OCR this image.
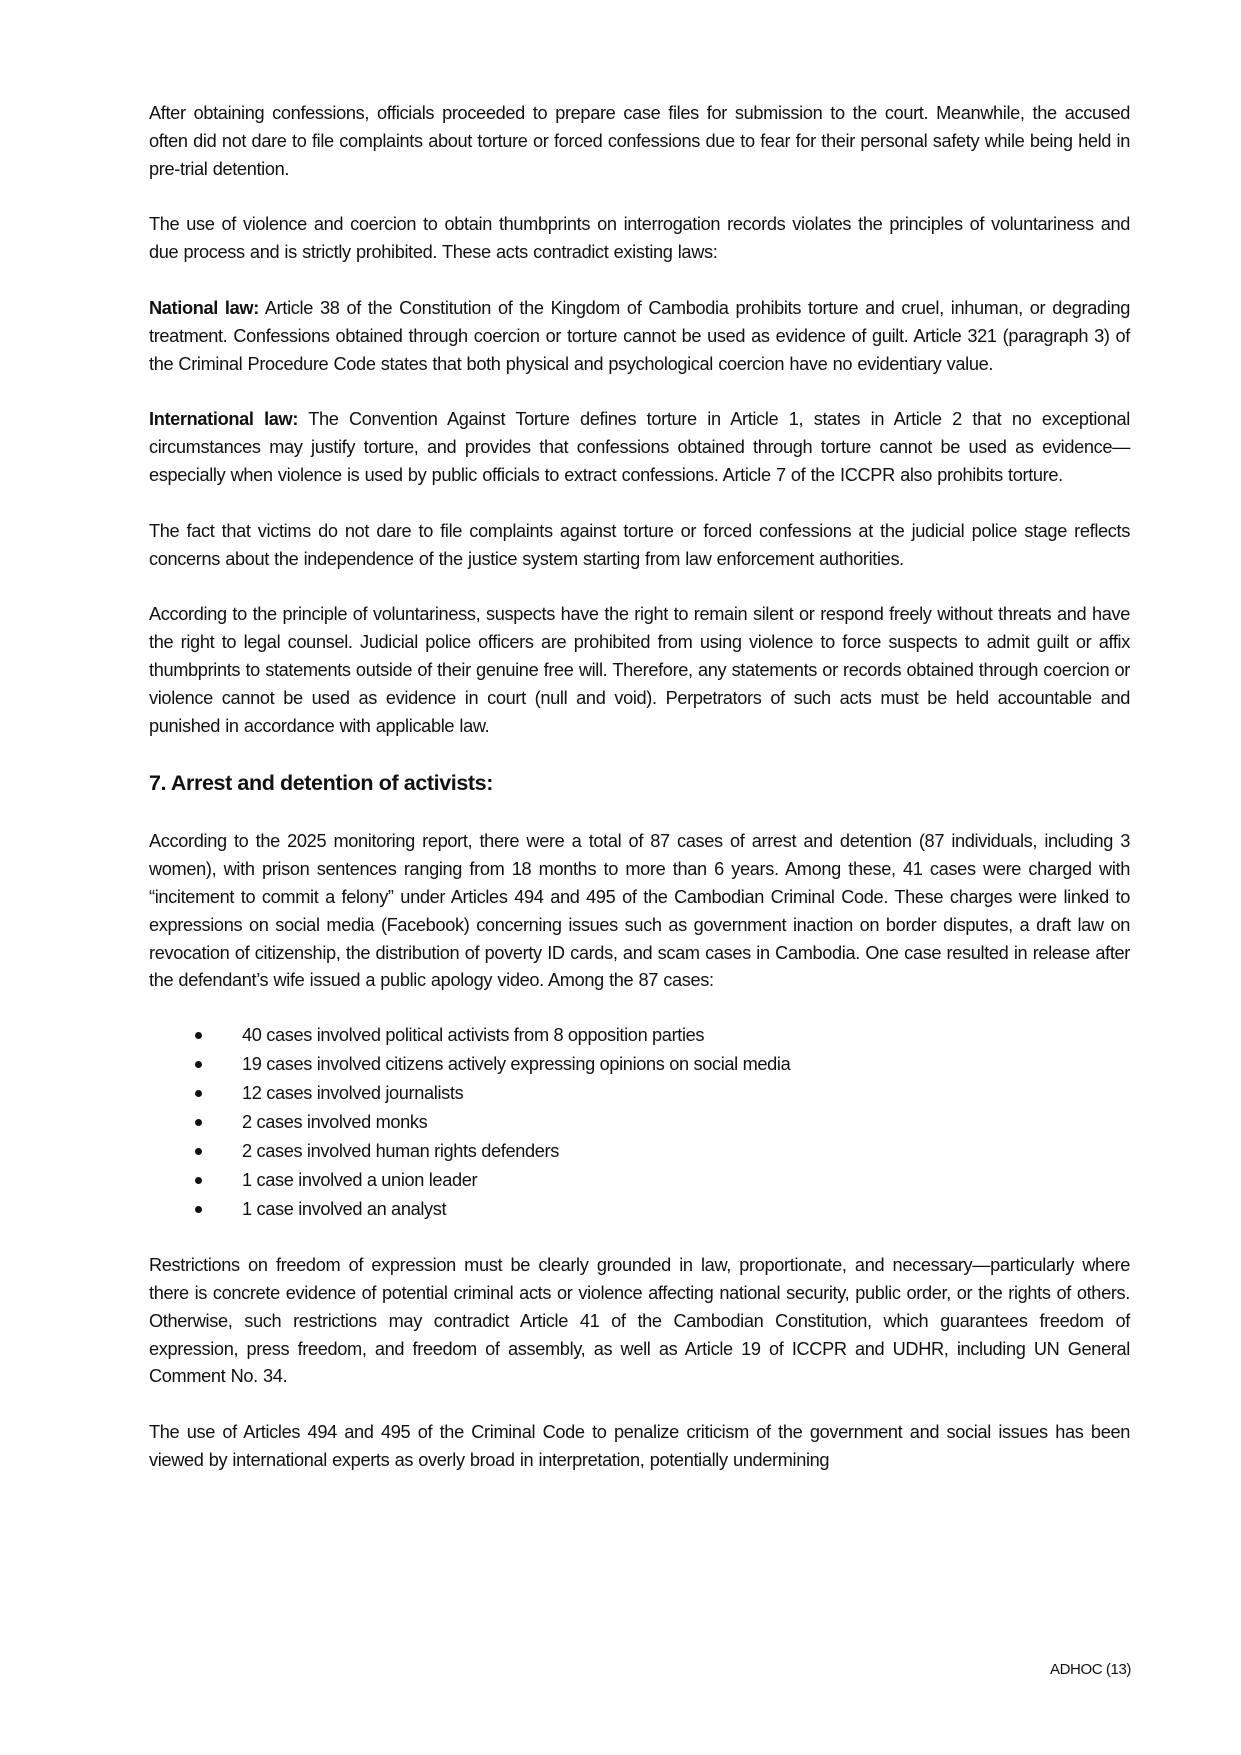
After obtaining confessions, officials proceeded to prepare case files for submission to the court. Meanwhile, the accused often did not dare to file complaints about torture or forced confessions due to fear for their personal safety while being held in pre-trial detention.

The use of violence and coercion to obtain thumbprints on interrogation records violates the principles of voluntariness and due process and is strictly prohibited. These acts contradict existing laws:

National law: Article 38 of the Constitution of the Kingdom of Cambodia prohibits torture and cruel, inhuman, or degrading treatment. Confessions obtained through coercion or torture cannot be used as evidence of guilt. Article 321 (paragraph 3) of the Criminal Procedure Code states that both physical and psychological coercion have no evidentiary value.

International law: The Convention Against Torture defines torture in Article 1, states in Article 2 that no exceptional circumstances may justify torture, and provides that confessions obtained through torture cannot be used as evidence—especially when violence is used by public officials to extract confessions. Article 7 of the ICCPR also prohibits torture.

The fact that victims do not dare to file complaints against torture or forced confessions at the judicial police stage reflects concerns about the independence of the justice system starting from law enforcement authorities.

According to the principle of voluntariness, suspects have the right to remain silent or respond freely without threats and have the right to legal counsel. Judicial police officers are prohibited from using violence to force suspects to admit guilt or affix thumbprints to statements outside of their genuine free will. Therefore, any statements or records obtained through coercion or violence cannot be used as evidence in court (null and void). Perpetrators of such acts must be held accountable and punished in accordance with applicable law.

7. Arrest and detention of activists:

According to the 2025 monitoring report, there were a total of 87 cases of arrest and detention (87 individuals, including 3 women), with prison sentences ranging from 18 months to more than 6 years. Among these, 41 cases were charged with “incitement to commit a felony” under Articles 494 and 495 of the Cambodian Criminal Code. These charges were linked to expressions on social media (Facebook) concerning issues such as government inaction on border disputes, a draft law on revocation of citizenship, the distribution of poverty ID cards, and scam cases in Cambodia. One case resulted in release after the defendant’s wife issued a public apology video. Among the 87 cases:

40 cases involved political activists from 8 opposition parties
19 cases involved citizens actively expressing opinions on social media
12 cases involved journalists
2 cases involved monks
2 cases involved human rights defenders
1 case involved a union leader
1 case involved an analyst

Restrictions on freedom of expression must be clearly grounded in law, proportionate, and necessary—particularly where there is concrete evidence of potential criminal acts or violence affecting national security, public order, or the rights of others. Otherwise, such restrictions may contradict Article 41 of the Cambodian Constitution, which guarantees freedom of expression, press freedom, and freedom of assembly, as well as Article 19 of ICCPR and UDHR, including UN General Comment No. 34.

The use of Articles 494 and 495 of the Criminal Code to penalize criticism of the government and social issues has been viewed by international experts as overly broad in interpretation, potentially undermining

ADHOC (13)
